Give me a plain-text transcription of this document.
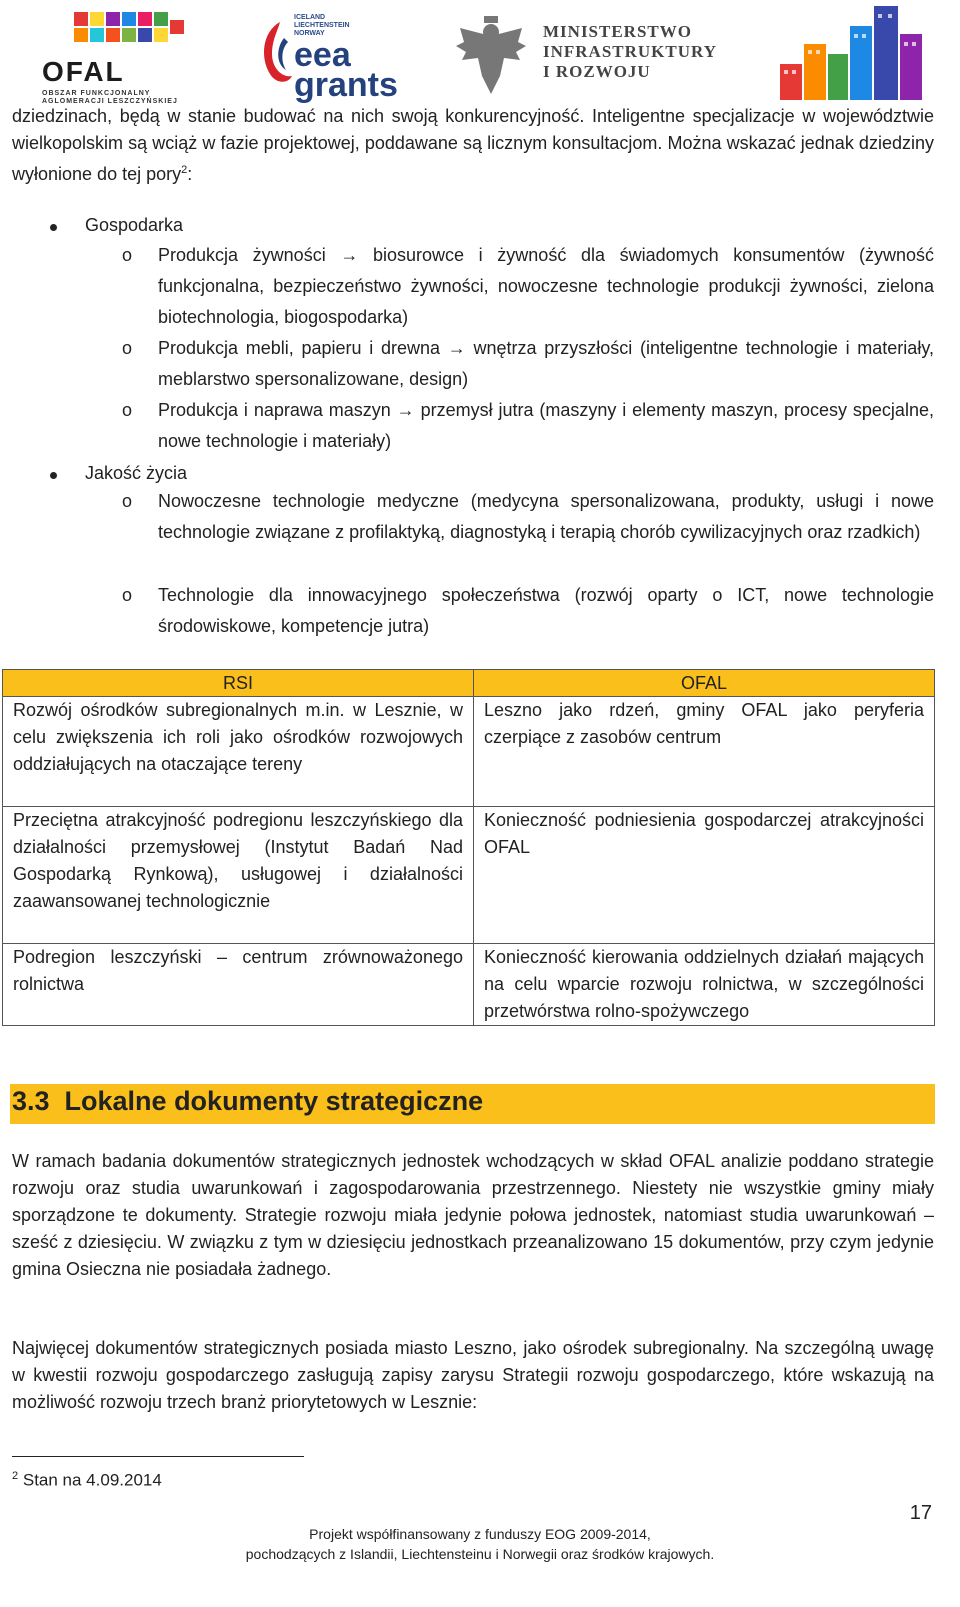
OFAL
OBSZAR FUNKCJONALNY
AGLOMERACJI LESZCZYŃSKIEJ
ICELAND
LIECHTENSTEIN
NORWAY
eea
grants
MINISTERSTWO
INFRASTRUKTURY
I ROZWOJU
dziedzinach, będą w stanie budować na nich swoją konkurencyjność. Inteligentne specjalizacje w województwie wielkopolskim są wciąż w fazie projektowej, poddawane są licznym konsultacjom. Można wskazać jednak dziedziny wyłonione do tej pory$^2$:
Gospodarka
o Produkcja żywności → biosurowce i żywność dla świadomych konsumentów (żywność funkcjonalna, bezpieczeństwo żywności, nowoczesne technologie produkcji żywności, zielona biotechnologia, biogospodarka)
o Produkcja mebli, papieru i drewna → wnętrza przyszłości (inteligentne technologie i materiały, meblarstwo spersonalizowane, design)
o Produkcja i naprawa maszyn → przemysł jutra (maszyny i elementy maszyn, procesy specjalne, nowe technologie i materiały)
Jakość życia
o Nowoczesne technologie medyczne (medycyna spersonalizowana, produkty, usługi i nowe technologie związane z profilaktyką, diagnostyką i terapią chorób cywilizacyjnych oraz rzadkich)
o Technologie dla innowacyjnego społeczeństwa (rozwój oparty o ICT, nowe technologie środowiskowe, kompetencje jutra)
RSI	OFAL
Rozwój ośrodków subregionalnych m.in. w Lesznie, w celu zwiększenia ich roli jako ośrodków rozwojowych oddziałujących na otaczające tereny	Leszno jako rdzeń, gminy OFAL jako peryferia czerpiące z zasobów centrum
Przeciętna atrakcyjność podregionu leszczyńskiego dla działalności przemysłowej (Instytut Badań Nad Gospodarką Rynkową), usługowej i działalności zaawansowanej technologicznie	Konieczność podniesienia gospodarczej atrakcyjności OFAL
Podregion leszczyński – centrum zrównoważonego rolnictwa	Konieczność kierowania oddzielnych działań mających na celu wparcie rozwoju rolnictwa, w szczególności przetwórstwa rolno-spożywczego
3.3  Lokalne dokumenty strategiczne
W ramach badania dokumentów strategicznych jednostek wchodzących w skład OFAL analizie poddano strategie rozwoju oraz studia uwarunkowań i zagospodarowania przestrzennego. Niestety nie wszystkie gminy miały sporządzone te dokumenty. Strategie rozwoju miała jedynie połowa jednostek, natomiast studia uwarunkowań – sześć z dziesięciu. W związku z tym w dziesięciu jednostkach przeanalizowano 15 dokumentów, przy czym jedynie gmina Osieczna nie posiadała żadnego.
Najwięcej dokumentów strategicznych posiada miasto Leszno, jako ośrodek subregionalny. Na szczególną uwagę w kwestii rozwoju gospodarczego zasługują zapisy zarysu Strategii rozwoju gospodarczego, które wskazują na możliwość rozwoju trzech branż priorytetowych w Lesznie:
$^2$ Stan na 4.09.2014
17
Projekt współfinansowany z funduszy EOG 2009-2014,
pochodzących z Islandii, Liechtensteinu i Norwegii oraz środków krajowych.
